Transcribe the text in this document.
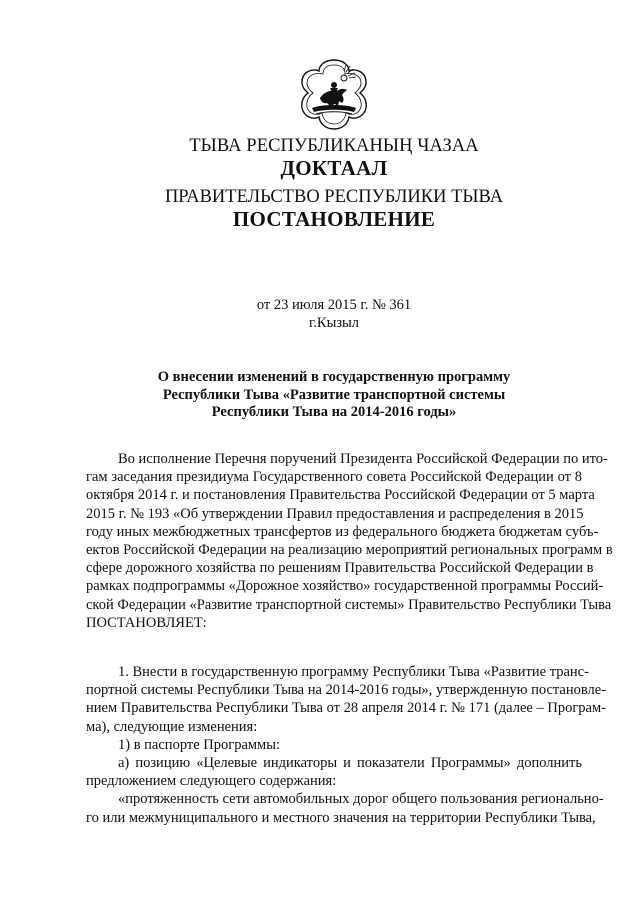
ТЫВА РЕСПУБЛИКАНЫҢ ЧАЗАА
ДОКТААЛ
ПРАВИТЕЛЬСТВО РЕСПУБЛИКИ ТЫВА
ПОСТАНОВЛЕНИЕ
от 23 июля 2015 г. № 361
г.Кызыл
О внесении изменений в государственную программу
Республики Тыва «Развитие транспортной системы
Республики Тыва на 2014-2016 годы»
Во исполнение Перечня поручений Президента Российской Федерации по ито-
гам заседания президиума Государственного совета Российской Федерации от 8
октября 2014 г. и постановления Правительства Российской Федерации от 5 марта
2015 г. № 193 «Об утверждении Правил предоставления и распределения в 2015
году иных межбюджетных трансфертов из федерального бюджета бюджетам субъ-
ектов Российской Федерации на реализацию мероприятий региональных программ в
сфере дорожного хозяйства по решениям Правительства Российской Федерации в
рамках подпрограммы «Дорожное хозяйство» государственной программы Россий-
ской Федерации «Развитие транспортной системы» Правительство Республики Тыва
ПОСТАНОВЛЯЕТ:
1. Внести в государственную программу Республики Тыва «Развитие транс-
портной системы Республики Тыва на 2014-2016 годы», утвержденную постановле-
нием Правительства Республики Тыва от 28 апреля 2014 г. № 171 (далее – Програм-
ма), следующие изменения:
1) в паспорте Программы:
а) позицию «Целевые индикаторы и показатели Программы» дополнить
предложением следующего содержания:
«протяженность сети автомобильных дорог общего пользования регионально-
го или межмуниципального и местного значения на территории Республики Тыва,
